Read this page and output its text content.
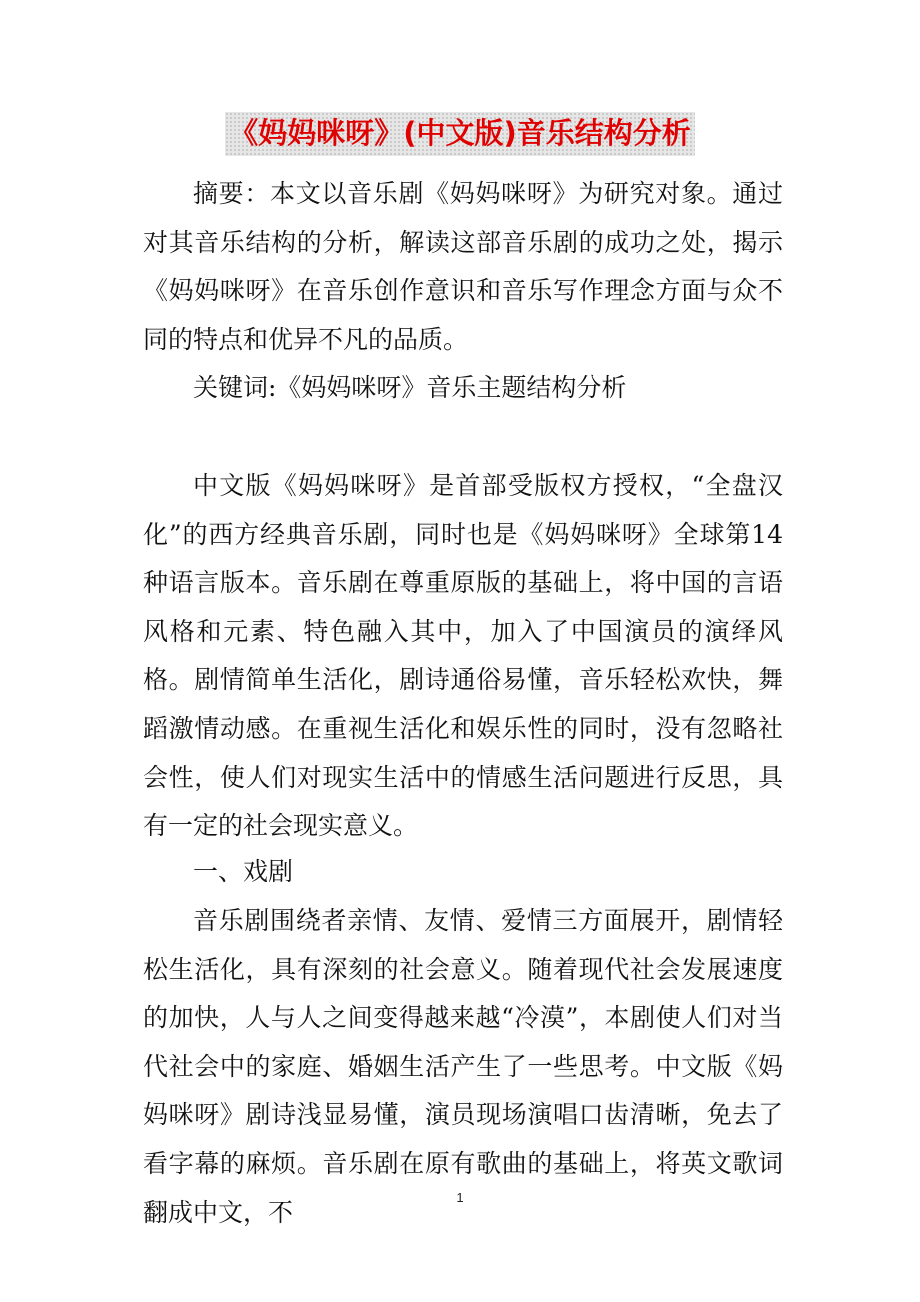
《妈妈咪呀》(中文版)音乐结构分析

摘要：本文以音乐剧《妈妈咪呀》为研究对象。通过对其音乐结构的分析，解读这部音乐剧的成功之处，揭示《妈妈咪呀》在音乐创作意识和音乐写作理念方面与众不同的特点和优异不凡的品质。

关键词:《妈妈咪呀》音乐主题结构分析

中文版《妈妈咪呀》是首部受版权方授权，“全盘汉化”的西方经典音乐剧，同时也是《妈妈咪呀》全球第14种语言版本。音乐剧在尊重原版的基础上，将中国的言语风格和元素、特色融入其中，加入了中国演员的演绎风格。剧情简单生活化，剧诗通俗易懂，音乐轻松欢快，舞蹈激情动感。在重视生活化和娱乐性的同时，没有忽略社会性，使人们对现实生活中的情感生活问题进行反思，具有一定的社会现实意义。

一、戏剧

音乐剧围绕者亲情、友情、爱情三方面展开，剧情轻松生活化，具有深刻的社会意义。随着现代社会发展速度的加快，人与人之间变得越来越“冷漠”，本剧使人们对当代社会中的家庭、婚姻生活产生了一些思考。中文版《妈妈咪呀》剧诗浅显易懂，演员现场演唱口齿清晰，免去了看字幕的麻烦。音乐剧在原有歌曲的基础上，将英文歌词翻成中文，不

1
